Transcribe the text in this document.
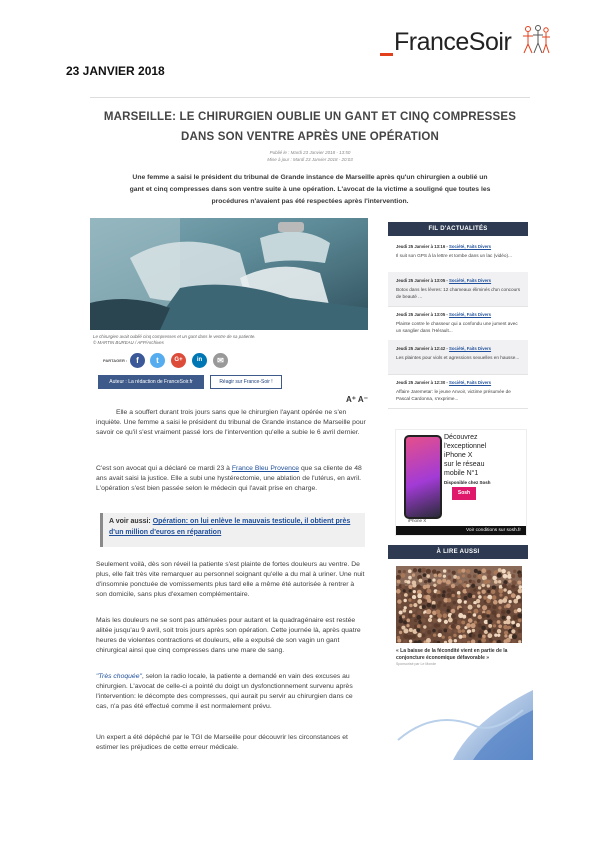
FranceSoir
23 JANVIER 2018
MARSEILLE: LE CHIRURGIEN OUBLIE UN GANT ET CINQ COMPRESSES DANS SON VENTRE APRÈS UNE OPÉRATION
Publié le : Mardi 23 Janvier 2018 - 13:50
Mise à jour : Mardi 23 Janvier 2018 - 20:03
Une femme a saisi le président du tribunal de Grande instance de Marseille après qu'un chirurgien a oublié un gant et cinq compresses dans son ventre suite à une opération. L'avocat de la victime a souligné que toutes les procédures n'avaient pas été respectées après l'intervention.
Le chirurgien avait oublié cinq compresses et un gant dans le ventre de sa patiente.
© MARTIN BUREAU / AFP/Archives
PARTAGER :	f	t	G+	in	✉
Auteur : La rédaction de FranceSoir.fr	Réagir sur France-Soir !
A⁺ A⁻
Elle a souffert durant trois jours sans que le chirurgien l'ayant opérée ne s'en inquiète. Une femme a saisi le président du tribunal de Grande instance de Marseille pour savoir ce qu'il s'est vraiment passé lors de l'intervention qu'elle a subie le 6 avril dernier.
C'est son avocat qui a déclaré ce mardi 23 à France Bleu Provence que sa cliente de 48 ans avait saisi la justice. Elle a subi une hystérectomie, une ablation de l'utérus, en avril. L'opération s'est bien passée selon le médecin qui l'avait prise en charge.
A voir aussi: Opération: on lui enlève le mauvais testicule, il obtient près d'un million d'euros en réparation
Seulement voilà, dès son réveil la patiente s'est plainte de fortes douleurs au ventre. De plus, elle fait très vite remarquer au personnel soignant qu'elle a du mal à uriner. Une nuit d'insomnie ponctuée de vomissements plus tard elle a même été autorisée à rentrer à son domicile, sans plus d'examen complémentaire.
Mais les douleurs ne se sont pas atténuées pour autant et la quadragénaire est restée alitée jusqu'au 9 avril, soit trois jours après son opération. Cette journée là, après quatre heures de violentes contractions et douleurs, elle a expulsé de son vagin un gant chirurgical ainsi que cinq compresses dans une mare de sang.
"Très choquée", selon la radio locale, la patiente a demandé en vain des excuses au chirurgien. L'avocat de celle-ci a pointé du doigt un dysfonctionnement survenu après l'intervention: le décompte des compresses, qui aurait pu servir au chirurgien dans ce cas, n'a pas été effectué comme il est normalement prévu.
Un expert a été dépêché par le TGI de Marseille pour découvrir les circonstances et estimer les préjudices de cette erreur médicale.
FIL D'ACTUALITÉS
Jeudi 25 Janvier à 13:16 - Société, Faits Divers
Il suit son GPS à la lettre et tombe dans un lac (vidéo)...
Jeudi 25 Janvier à 13:05 - Société, Faits Divers
Botox dans les lèvres: 12 chameaux éliminés d'un concours de beauté ...
Jeudi 25 Janvier à 13:05 - Société, Faits Divers
Plainte contre le chasseur qui a confondu une jument avec un sanglier dans l'Hérault...
Jeudi 25 Janvier à 12:42 - Société, Faits Divers
Les plaintes pour viols et agressions sexuelles en hausse...
Jeudi 25 Janvier à 12:30 - Société, Faits Divers
Affaire Jaremetar: le jeune Anvoir, victime présumée de Pascal Cardonna, s'exprime...
iPhone X
Découvrez
l'exceptionnel
iPhone X
sur le réseau
mobile N°1
Disponible chez Sosh
Sosh
Voir conditions sur sosh.fr
À LIRE AUSSI
« La baisse de la fécondité vient en partie de la conjoncture économique défavorable »
Sponsorisé par Le Monde
